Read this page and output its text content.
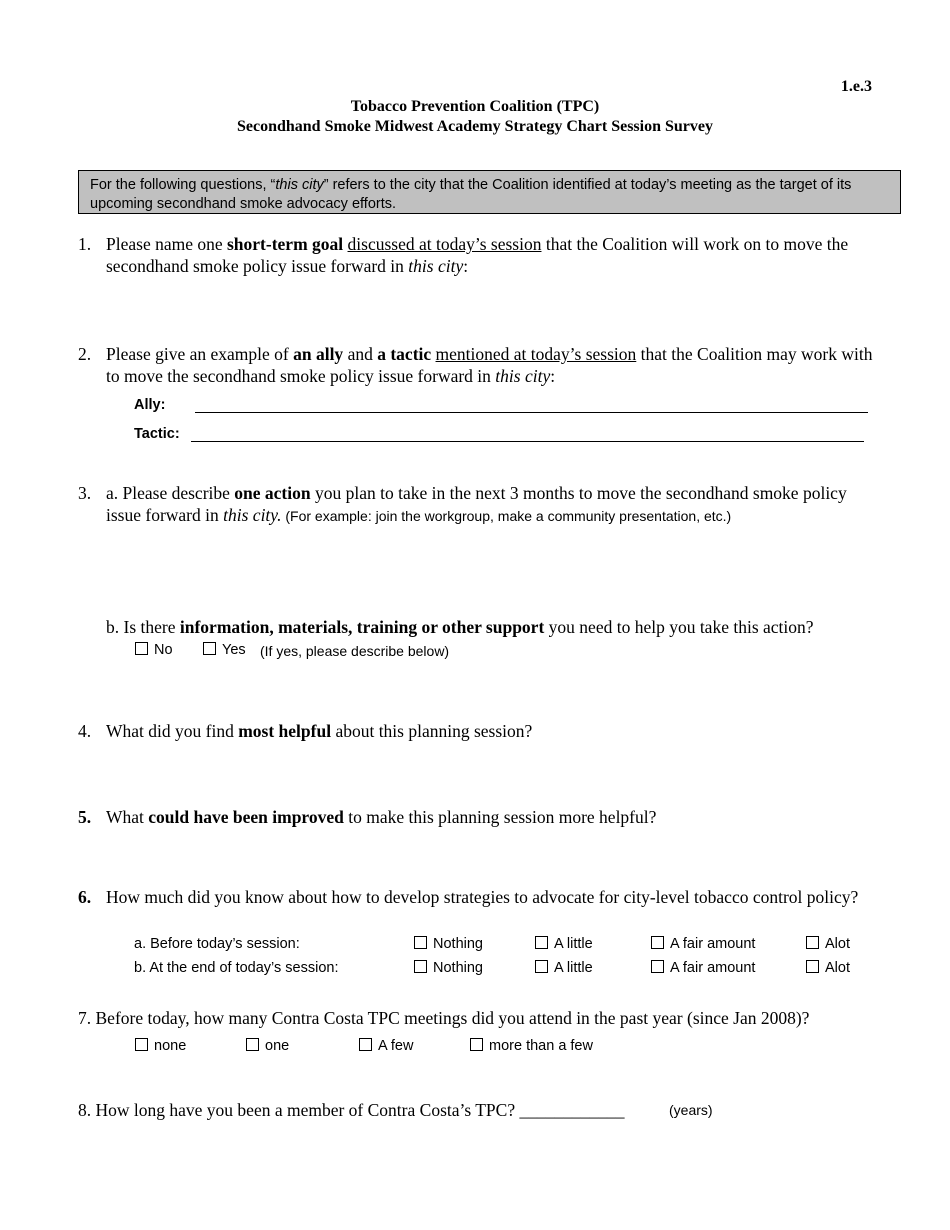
1.e.3
Tobacco Prevention Coalition (TPC)
Secondhand Smoke Midwest Academy Strategy Chart Session Survey
For the following questions, “this city” refers to the city that the Coalition identified at today’s meeting as the target of its upcoming secondhand smoke advocacy efforts.
1. Please name one short-term goal discussed at today’s session that the Coalition will work on to move the secondhand smoke policy issue forward in this city:
2. Please give an example of an ally and a tactic mentioned at today’s session that the Coalition may work with to move the secondhand smoke policy issue forward in this city:
Ally:
Tactic:
3. a. Please describe one action you plan to take in the next 3 months to move the secondhand smoke policy issue forward in this city. (For example: join the workgroup, make a community presentation, etc.)
b. Is there information, materials, training or other support you need to help you take this action?
No	Yes (If yes, please describe below)
4. What did you find most helpful about this planning session?
5. What could have been improved to make this planning session more helpful?
6. How much did you know about how to develop strategies to advocate for city-level tobacco control policy?
a. Before today’s session:	Nothing	A little	A fair amount	Alot
b. At the end of today’s session:	Nothing	A little	A fair amount	Alot
7. Before today, how many Contra Costa TPC meetings did you attend in the past year (since Jan 2008)?
none	one	A few	more than a few
8. How long have you been a member of Contra Costa’s TPC? ____________	(years)
